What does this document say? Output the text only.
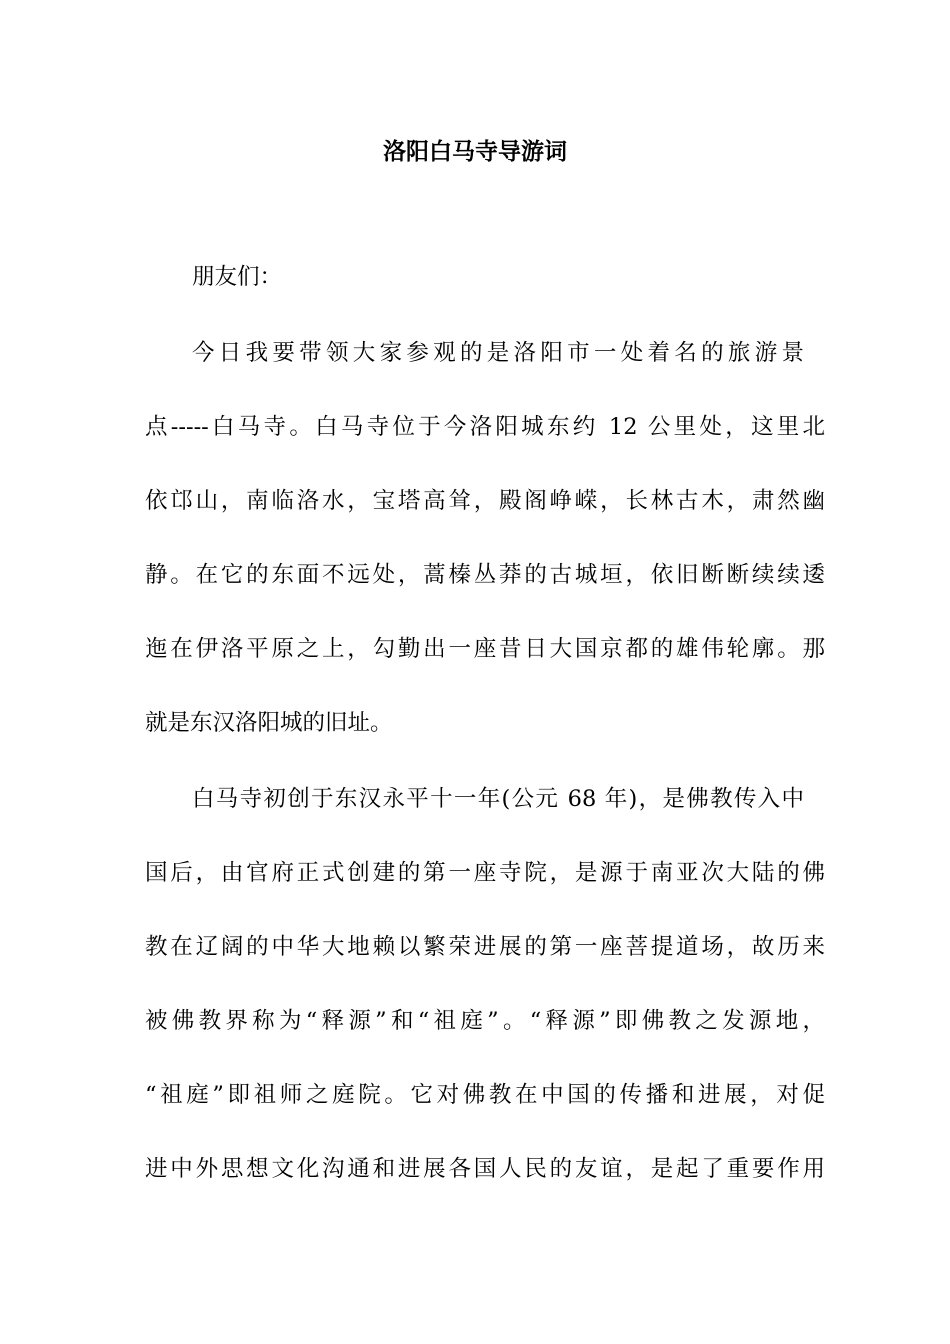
洛阳白马寺导游词
朋友们：
今日我要带领大家参观的是洛阳市一处着名的旅游景
点-----白马寺。白马寺位于今洛阳城东约 12 公里处，这里北
依邙山，南临洛水，宝塔高耸，殿阁峥嵘，长林古木，肃然幽
静。在它的东面不远处，蒿榛丛莽的古城垣，依旧断断续续逶
迤在伊洛平原之上，勾勤出一座昔日大国京都的雄伟轮廓。那
就是东汉洛阳城的旧址。
白马寺初创于东汉永平十一年(公元 68 年)，是佛教传入中
国后，由官府正式创建的第一座寺院，是源于南亚次大陆的佛
教在辽阔的中华大地赖以繁荣进展的第一座菩提道场，故历来
被佛教界称为“释源”和“祖庭”。“释源”即佛教之发源地，
“祖庭”即祖师之庭院。它对佛教在中国的传播和进展，对促
进中外思想文化沟通和进展各国人民的友谊，是起了重要作用
